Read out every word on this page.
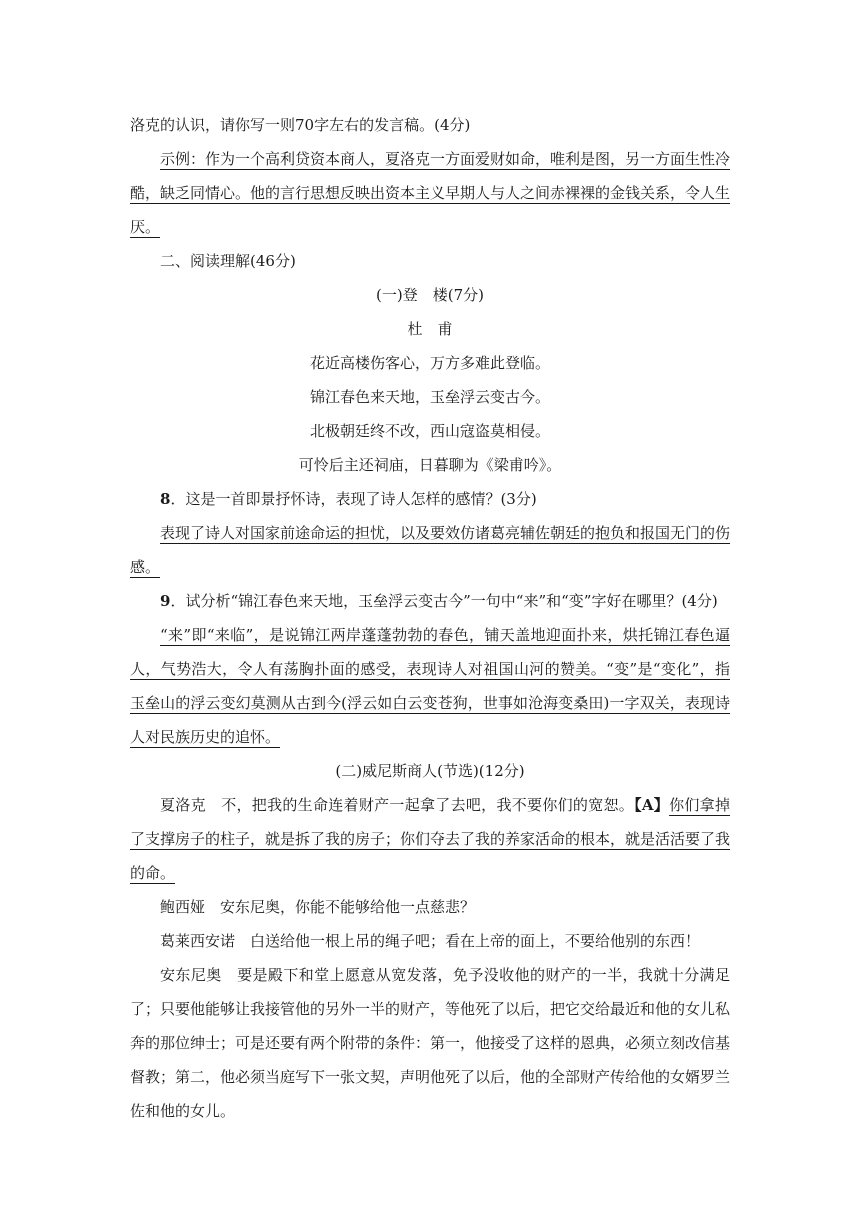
洛克的认识，请你写一则70字左右的发言稿。(4分)

示例：作为一个高利贷资本商人，夏洛克一方面爱财如命，唯利是图，另一方面生性冷酷，缺乏同情心。他的言行思想反映出资本主义早期人与人之间赤裸裸的金钱关系，令人生厌。

二、阅读理解(46分)

(一)登　楼(7分)

杜　甫

花近高楼伤客心，万方多难此登临。

锦江春色来天地，玉垒浮云变古今。

北极朝廷终不改，西山寇盗莫相侵。

可怜后主还祠庙，日暮聊为《梁甫吟》。

8．这是一首即景抒怀诗，表现了诗人怎样的感情？(3分)

表现了诗人对国家前途命运的担忧，以及要效仿诸葛亮辅佐朝廷的抱负和报国无门的伤感。

9．试分析“锦江春色来天地，玉垒浮云变古今”一句中“来”和“变”字好在哪里？(4分)

“来”即“来临”，是说锦江两岸蓬蓬勃勃的春色，铺天盖地迎面扑来，烘托锦江春色逼人，气势浩大，令人有荡胸扑面的感受，表现诗人对祖国山河的赞美。“变”是“变化”，指玉垒山的浮云变幻莫测从古到今(浮云如白云变苍狗，世事如沧海变桑田)一字双关，表现诗人对民族历史的追怀。

(二)威尼斯商人(节选)(12分)

夏洛克　 不，把我的生命连着财产一起拿了去吧，我不要你们的宽恕。【A】你们拿掉了支撑房子的柱子，就是拆了我的房子；你们夺去了我的养家活命的根本，就是活活要了我的命。

鲍西娅　 安东尼奥，你能不能够给他一点慈悲？

葛莱西安诺　 白送给他一根上吊的绳子吧；看在上帝的面上，不要给他别的东西！

安东尼奥　 要是殿下和堂上愿意从宽发落，免予没收他的财产的一半，我就十分满足了；只要他能够让我接管他的另外一半的财产，等他死了以后，把它交给最近和他的女儿私奔的那位绅士；可是还要有两个附带的条件：第一，他接受了这样的恩典，必须立刻改信基督教；第二，他必须当庭写下一张文契，声明他死了以后，他的全部财产传给他的女婿罗兰佐和他的女儿。
